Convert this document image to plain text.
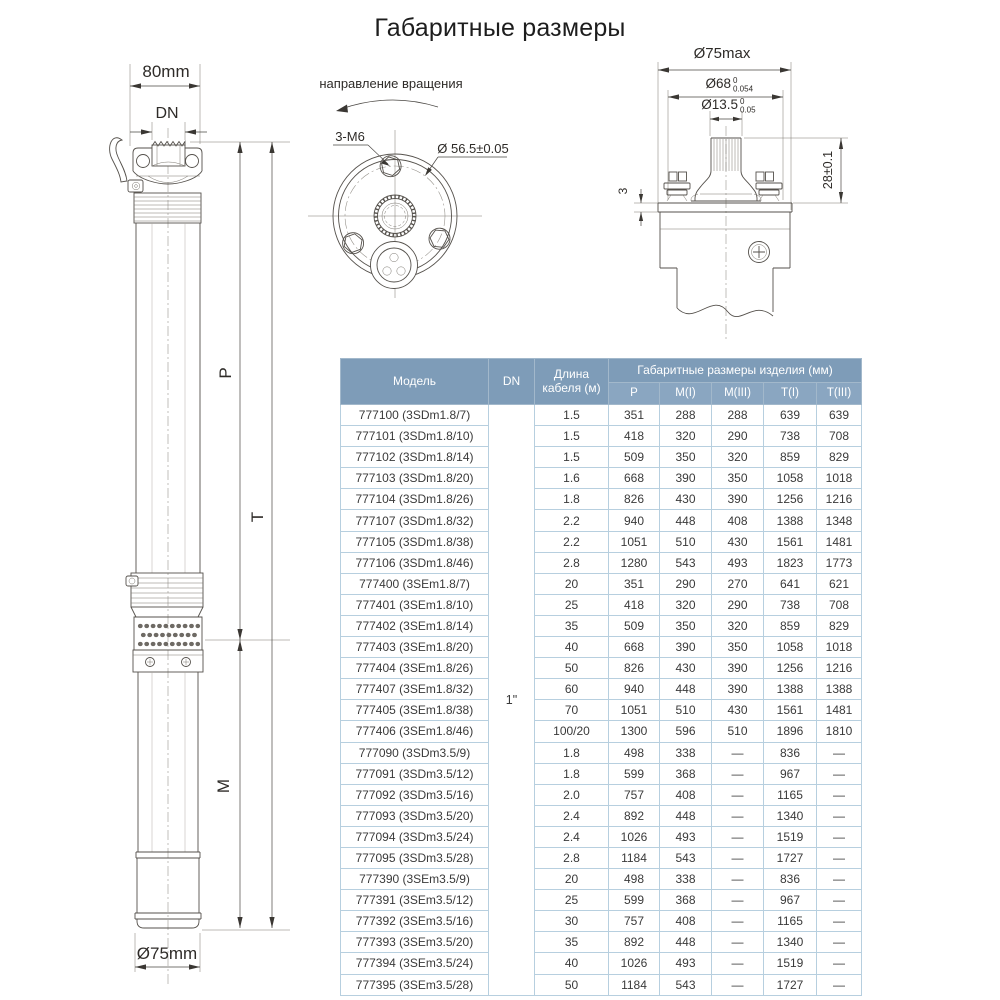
Габаритные размеры
80mm
DN
Ø75mm
P
T
M
направление вращения
3-M6
Ø 56.5±0.05
Ø75max
Ø68 0
0.054
Ø13.5 0
0.05
3
28±0.1
Модель	DN	Длина кабеля (м)	Габаритные размеры изделия (мм)				
			P	M(I)	M(III)	T(I)	T(III)
777100 (3SDm1.8/7)	1"	1.5	351	288	288	639	639
777101 (3SDm1.8/10)		1.5	418	320	290	738	708
777102 (3SDm1.8/14)		1.5	509	350	320	859	829
777103 (3SDm1.8/20)		1.6	668	390	350	1058	1018
777104 (3SDm1.8/26)		1.8	826	430	390	1256	1216
777107 (3SDm1.8/32)		2.2	940	448	408	1388	1348
777105 (3SDm1.8/38)		2.2	1051	510	430	1561	1481
777106 (3SDm1.8/46)		2.8	1280	543	493	1823	1773
777400 (3SEm1.8/7)		20	351	290	270	641	621
777401 (3SEm1.8/10)		25	418	320	290	738	708
777402 (3SEm1.8/14)		35	509	350	320	859	829
777403 (3SEm1.8/20)		40	668	390	350	1058	1018
777404 (3SEm1.8/26)		50	826	430	390	1256	1216
777407 (3SEm1.8/32)		60	940	448	390	1388	1388
777405 (3SEm1.8/38)		70	1051	510	430	1561	1481
777406 (3SEm1.8/46)		100/20	1300	596	510	1896	1810
777090 (3SDm3.5/9)		1.8	498	338	—	836	—
777091 (3SDm3.5/12)		1.8	599	368	—	967	—
777092 (3SDm3.5/16)		2.0	757	408	—	1165	—
777093 (3SDm3.5/20)		2.4	892	448	—	1340	—
777094 (3SDm3.5/24)		2.4	1026	493	—	1519	—
777095 (3SDm3.5/28)		2.8	1184	543	—	1727	—
777390 (3SEm3.5/9)		20	498	338	—	836	—
777391 (3SEm3.5/12)		25	599	368	—	967	—
777392 (3SEm3.5/16)		30	757	408	—	1165	—
777393 (3SEm3.5/20)		35	892	448	—	1340	—
777394 (3SEm3.5/24)		40	1026	493	—	1519	—
777395 (3SEm3.5/28)		50	1184	543	—	1727	—
